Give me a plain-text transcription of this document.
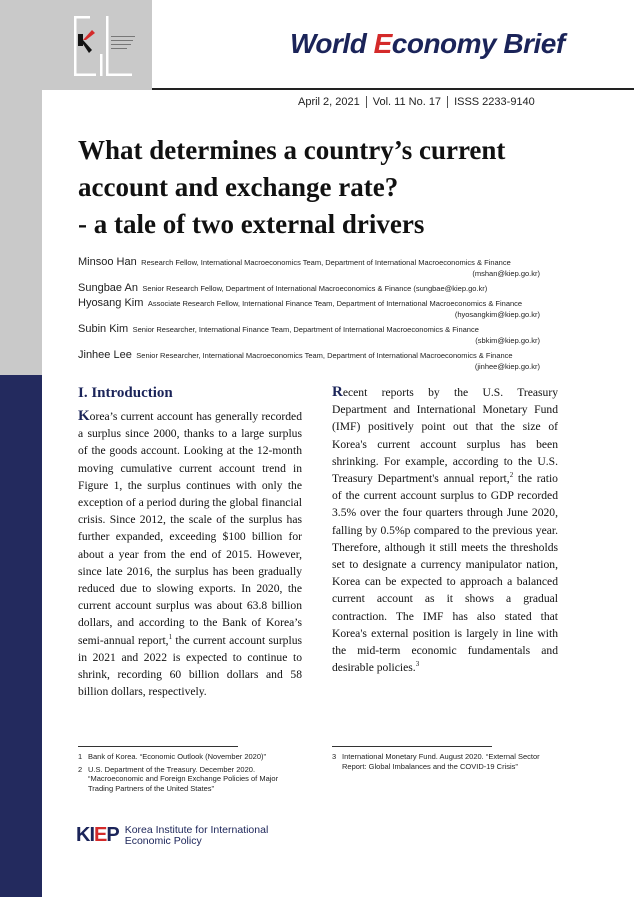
World Economy Brief
April 2, 2021 Vol. 11 No. 17 ISSS 2233-9140
What determines a country’s current
account and exchange rate?
- a tale of two external drivers
Minsoo Han Research Fellow, International Macroeconomics Team, Department of International Macroeconomics & Finance
(mshan@kiep.go.kr)
Sungbae An Senior Research Fellow, Department of International Macroeconomics & Finance (sungbae@kiep.go.kr)
Hyosang Kim Associate Research Fellow, International Finance Team, Department of International Macroeconomics & Finance
(hyosangkim@kiep.go.kr)
Subin Kim Senior Researcher, International Finance Team, Department of International Macroeconomics & Finance
(sbkim@kiep.go.kr)
Jinhee Lee Senior Researcher, International Macroeconomics Team, Department of International Macroeconomics & Finance
(jinhee@kiep.go.kr)
I. Introduction

Korea’s current account has generally recorded a surplus since 2000, thanks to a large surplus of the goods account. Looking at the 12-month moving cumulative current account trend in Figure 1, the surplus continues with only the exception of a period during the global financial crisis. Since 2012, the scale of the surplus has further expanded, exceeding $100 billion for about a year from the end of 2015. However, since late 2016, the surplus has been gradually reduced due to slowing exports. In 2020, the current account surplus was about 63.8 billion dollars, and according to the Bank of Korea’s semi-annual report,$^1$ the current account surplus in 2021 and 2022 is expected to continue to shrink, recording 60 billion dollars and 58 billion dollars, respectively.

Recent reports by the U.S. Treasury Department and International Monetary Fund (IMF) positively point out that the size of Korea's current account surplus has been shrinking. For example, according to the U.S. Treasury Department's annual report,$^2$ the ratio of the current account surplus to GDP recorded 3.5% over the four quarters through June 2020, falling by 0.5%p compared to the previous year. Therefore, although it still meets the thresholds set to designate a currency manipulator nation, Korea can be expected to approach a balanced current account as it shows a gradual contraction. The IMF has also stated that Korea's external position is largely in line with the mid-term economic fundamentals and desirable policies.$^3$

1 Bank of Korea. “Economic Outlook (November 2020)”
2 U.S. Department of the Treasury. December 2020. “Macroeconomic and Foreign Exchange Policies of Major Trading Partners of the United States”
3 International Monetary Fund. August 2020. “External Sector Report: Global Imbalances and the COVID-19 Crisis”
KIEP Korea Institute for International
Economic Policy
